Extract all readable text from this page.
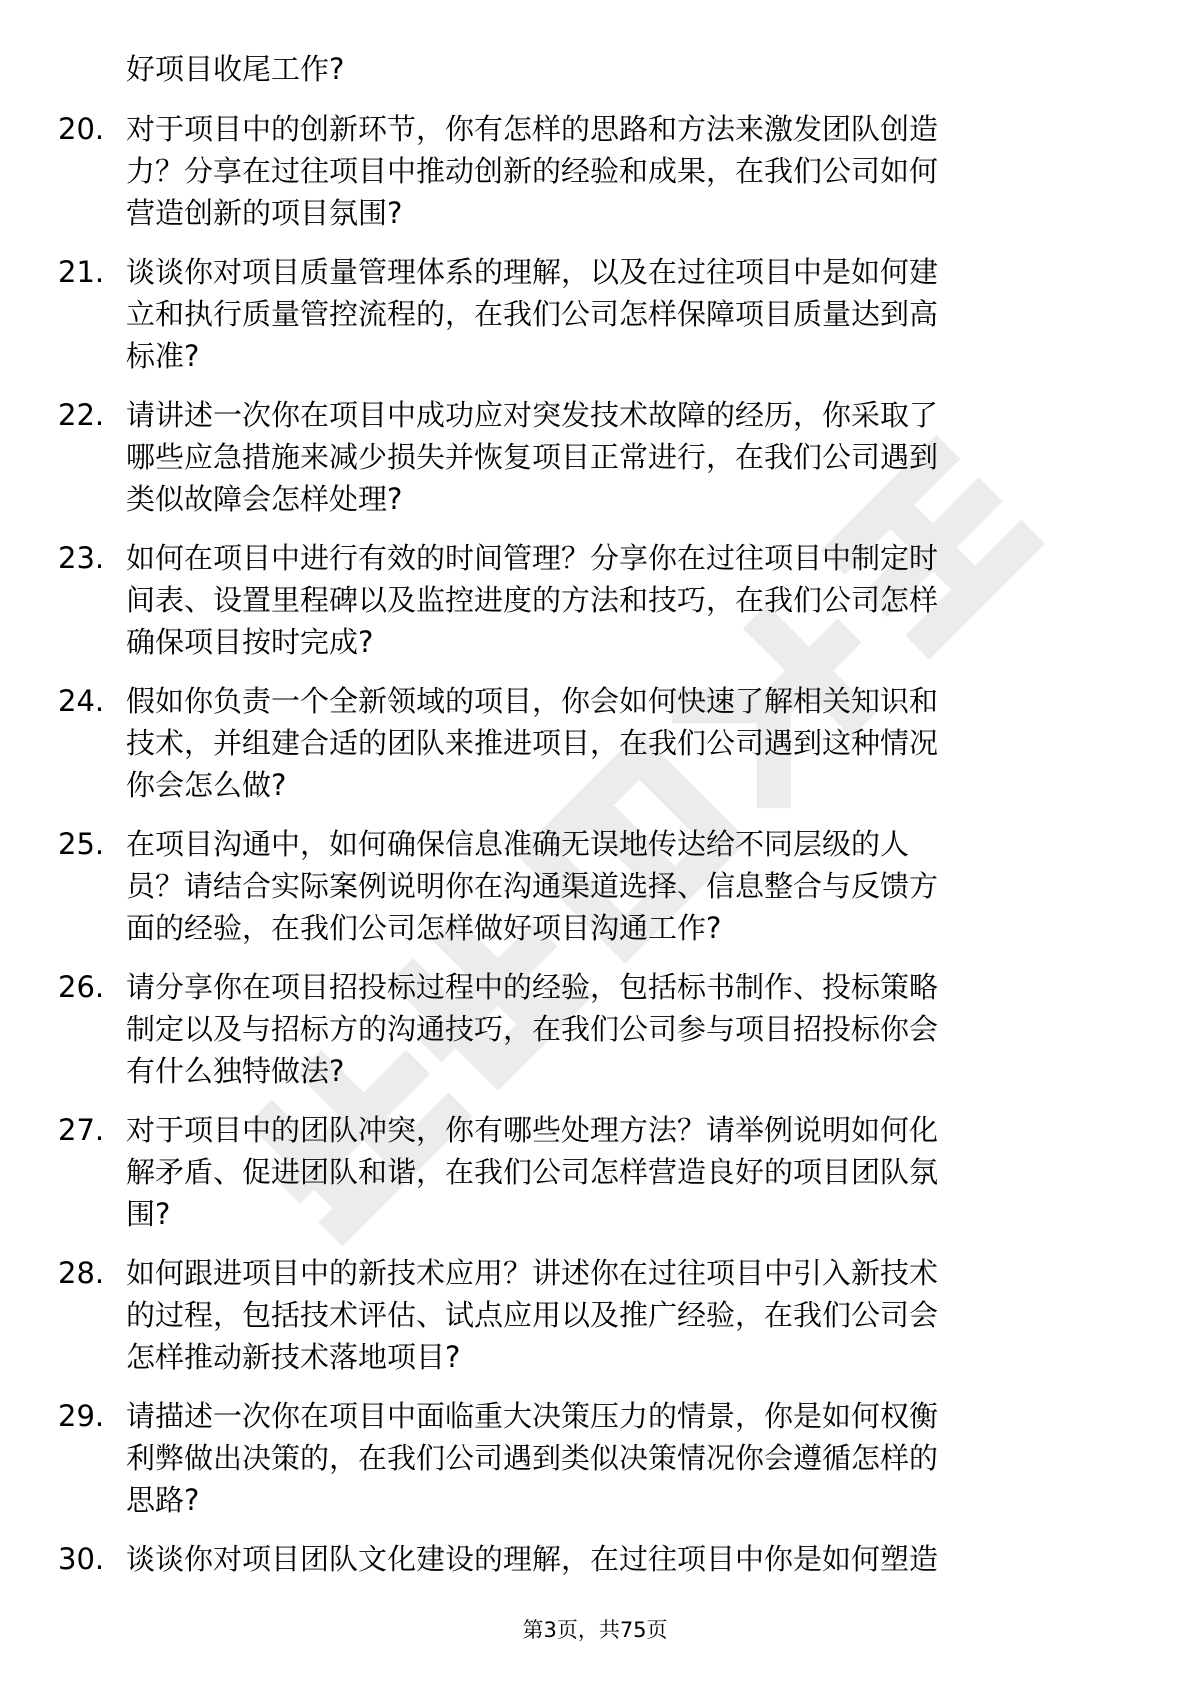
好项目收尾工作?
20. 对于项目中的创新环节，你有怎样的思路和方法来激发团队创造
力？分享在过往项目中推动创新的经验和成果，在我们公司如何
营造创新的项目氛围?
21. 谈谈你对项目质量管理体系的理解，以及在过往项目中是如何建
立和执行质量管控流程的，在我们公司怎样保障项目质量达到高
标准?
22. 请讲述一次你在项目中成功应对突发技术故障的经历，你采取了
哪些应急措施来减少损失并恢复项目正常进行，在我们公司遇到
类似故障会怎样处理?
23. 如何在项目中进行有效的时间管理？分享你在过往项目中制定时
间表、设置里程碑以及监控进度的方法和技巧，在我们公司怎样
确保项目按时完成?
24. 假如你负责一个全新领域的项目，你会如何快速了解相关知识和
技术，并组建合适的团队来推进项目，在我们公司遇到这种情况
你会怎么做?
25. 在项目沟通中，如何确保信息准确无误地传达给不同层级的人
员？请结合实际案例说明你在沟通渠道选择、信息整合与反馈方
面的经验，在我们公司怎样做好项目沟通工作?
26. 请分享你在项目招投标过程中的经验，包括标书制作、投标策略
制定以及与招标方的沟通技巧，在我们公司参与项目招投标你会
有什么独特做法?
27. 对于项目中的团队冲突，你有哪些处理方法？请举例说明如何化
解矛盾、促进团队和谐，在我们公司怎样营造良好的项目团队氛
围?
28. 如何跟进项目中的新技术应用？讲述你在过往项目中引入新技术
的过程，包括技术评估、试点应用以及推广经验，在我们公司会
怎样推动新技术落地项目?
29. 请描述一次你在项目中面临重大决策压力的情景，你是如何权衡
利弊做出决策的，在我们公司遇到类似决策情况你会遵循怎样的
思路?
30. 谈谈你对项目团队文化建设的理解，在过往项目中你是如何塑造
第3页，共75页
